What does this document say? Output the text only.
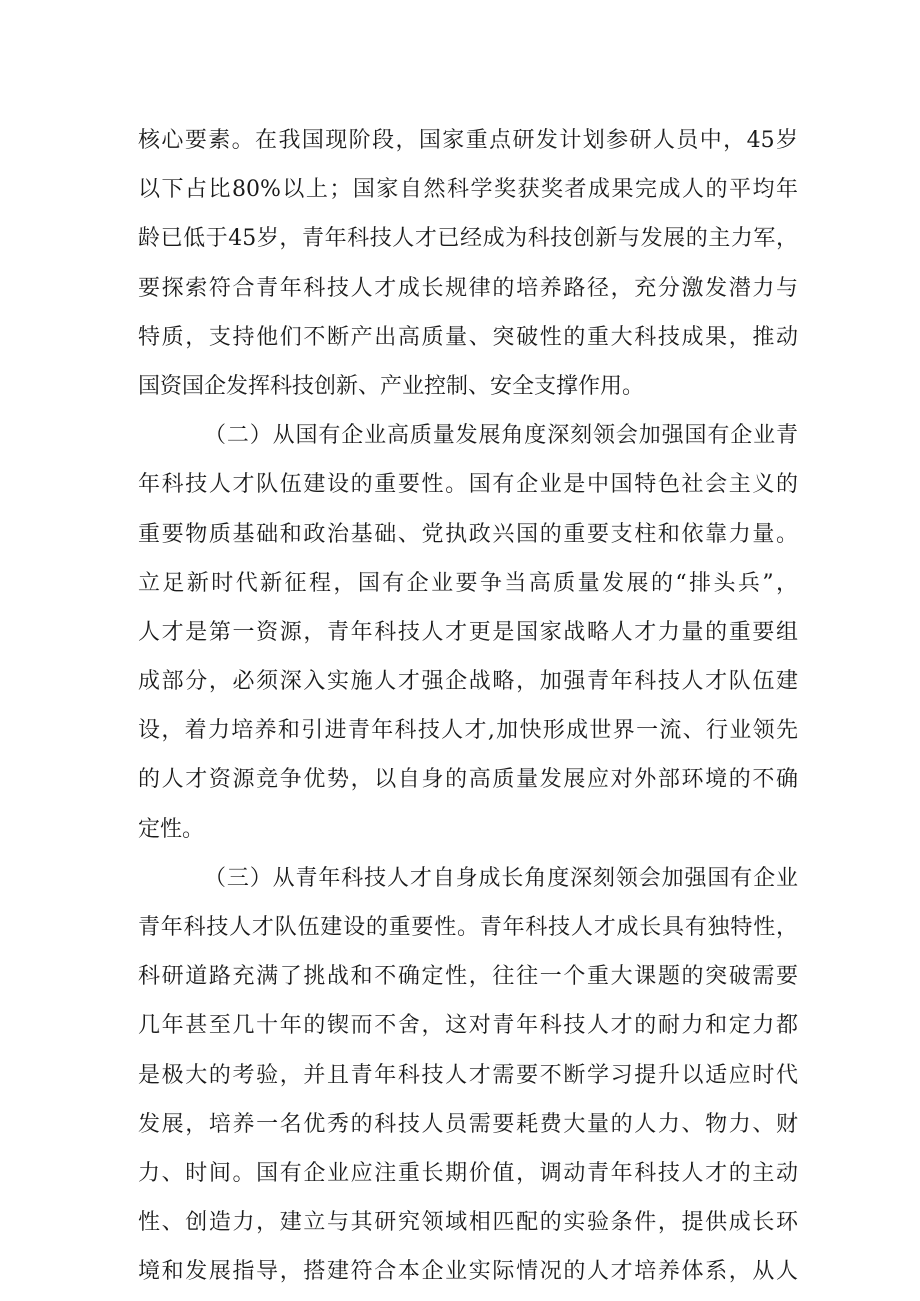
核心要素。在我国现阶段，国家重点研发计划参研人员中，45岁
以下占比80%以上；国家自然科学奖获奖者成果完成人的平均年
龄已低于45岁，青年科技人才已经成为科技创新与发展的主力军，
要探索符合青年科技人才成长规律的培养路径，充分激发潜力与
特质，支持他们不断产出高质量、突破性的重大科技成果，推动
国资国企发挥科技创新、产业控制、安全支撑作用。
（二）从国有企业高质量发展角度深刻领会加强国有企业青
年科技人才队伍建设的重要性。国有企业是中国特色社会主义的
重要物质基础和政治基础、党执政兴国的重要支柱和依靠力量。
立足新时代新征程，国有企业要争当高质量发展的“排头兵”，
人才是第一资源，青年科技人才更是国家战略人才力量的重要组
成部分，必须深入实施人才强企战略，加强青年科技人才队伍建
设，着力培养和引进青年科技人才,加快形成世界一流、行业领先
的人才资源竞争优势，以自身的高质量发展应对外部环境的不确
定性。
（三）从青年科技人才自身成长角度深刻领会加强国有企业
青年科技人才队伍建设的重要性。青年科技人才成长具有独特性，
科研道路充满了挑战和不确定性，往往一个重大课题的突破需要
几年甚至几十年的锲而不舍，这对青年科技人才的耐力和定力都
是极大的考验，并且青年科技人才需要不断学习提升以适应时代
发展，培养一名优秀的科技人员需要耗费大量的人力、物力、财
力、时间。国有企业应注重长期价值，调动青年科技人才的主动
性、创造力，建立与其研究领域相匹配的实验条件，提供成长环
境和发展指导，搭建符合本企业实际情况的人才培养体系，从人
